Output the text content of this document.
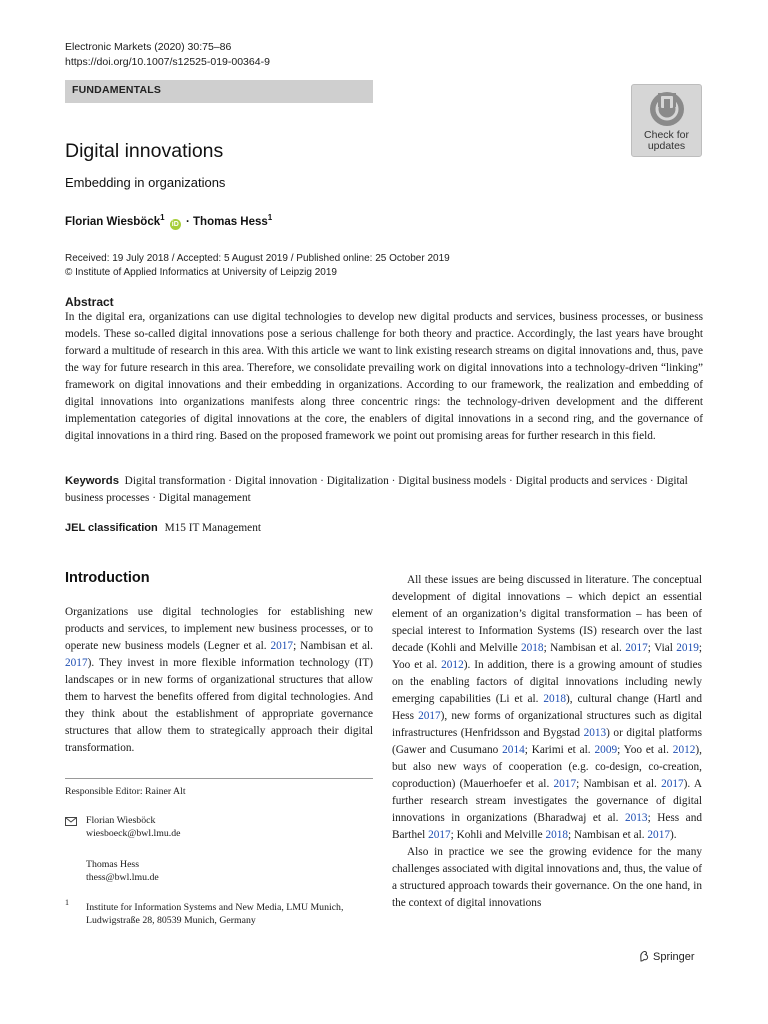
Electronic Markets (2020) 30:75–86
https://doi.org/10.1007/s12525-019-00364-9
FUNDAMENTALS
Check for
updates
Digital innovations
Embedding in organizations
Florian Wiesböck$^1$ iD · Thomas Hess$^1$
Received: 19 July 2018 / Accepted: 5 August 2019 / Published online: 25 October 2019
© Institute of Applied Informatics at University of Leipzig 2019
Abstract
In the digital era, organizations can use digital technologies to develop new digital products and services, business processes, or business models. These so-called digital innovations pose a serious challenge for both theory and practice. Accordingly, the last years have brought forward a multitude of research in this area. With this article we want to link existing research streams on digital innovations and, thus, pave the way for future research in this area. Therefore, we consolidate prevailing work on digital innovations into a technology-driven “linking” framework on digital innovations and their embedding in organizations. According to our framework, the realization and embedding of digital innovations into organizations manifests along three concentric rings: the technology-driven development and the different implementation categories of digital innovations at the core, the enablers of digital innovations in a second ring, and the governance of digital innovations in a third ring. Based on the proposed framework we point out promising areas for further research in this field.
Keywords Digital transformation · Digital innovation · Digitalization · Digital business models · Digital products and services · Digital business processes · Digital management
JEL classification M15 IT Management
Introduction
Organizations use digital technologies for establishing new products and services, to implement new business processes, or to operate new business models (Legner et al. 2017; Nambisan et al. 2017). They invest in more flexible information technology (IT) landscapes or in new forms of organizational structures that allow them to harvest the benefits offered from digital technologies. And they think about the establishment of appropriate governance structures that allow them to strategically approach their digital transformation.
Responsible Editor: Rainer Alt
Florian Wiesböck
wiesboeck@bwl.lmu.de
Thomas Hess
thess@bwl.lmu.de
1 Institute for Information Systems and New Media, LMU Munich,
Ludwigstraße 28, 80539 Munich, Germany

All these issues are being discussed in literature. The conceptual development of digital innovations – which depict an essential element of an organization’s digital transformation – has been of special interest to Information Systems (IS) research over the last decade (Kohli and Melville 2018; Nambisan et al. 2017; Vial 2019; Yoo et al. 2012). In addition, there is a growing amount of studies on the enabling factors of digital innovations including newly emerging capabilities (Li et al. 2018), cultural change (Hartl and Hess 2017), new forms of organizational structures such as digital infrastructures (Henfridsson and Bygstad 2013) or digital platforms (Gawer and Cusumano 2014; Karimi et al. 2009; Yoo et al. 2012), but also new ways of cooperation (e.g. co-design, co-creation, coproduction) (Mauerhoefer et al. 2017; Nambisan et al. 2017). A further research stream investigates the governance of digital innovations in organizations (Bharadwaj et al. 2013; Hess and Barthel 2017; Kohli and Melville 2018; Nambisan et al. 2017).

Also in practice we see the growing evidence for the many challenges associated with digital innovations and, thus, the value of a structured approach towards their governance. On the one hand, in the context of digital innovations

Springer
